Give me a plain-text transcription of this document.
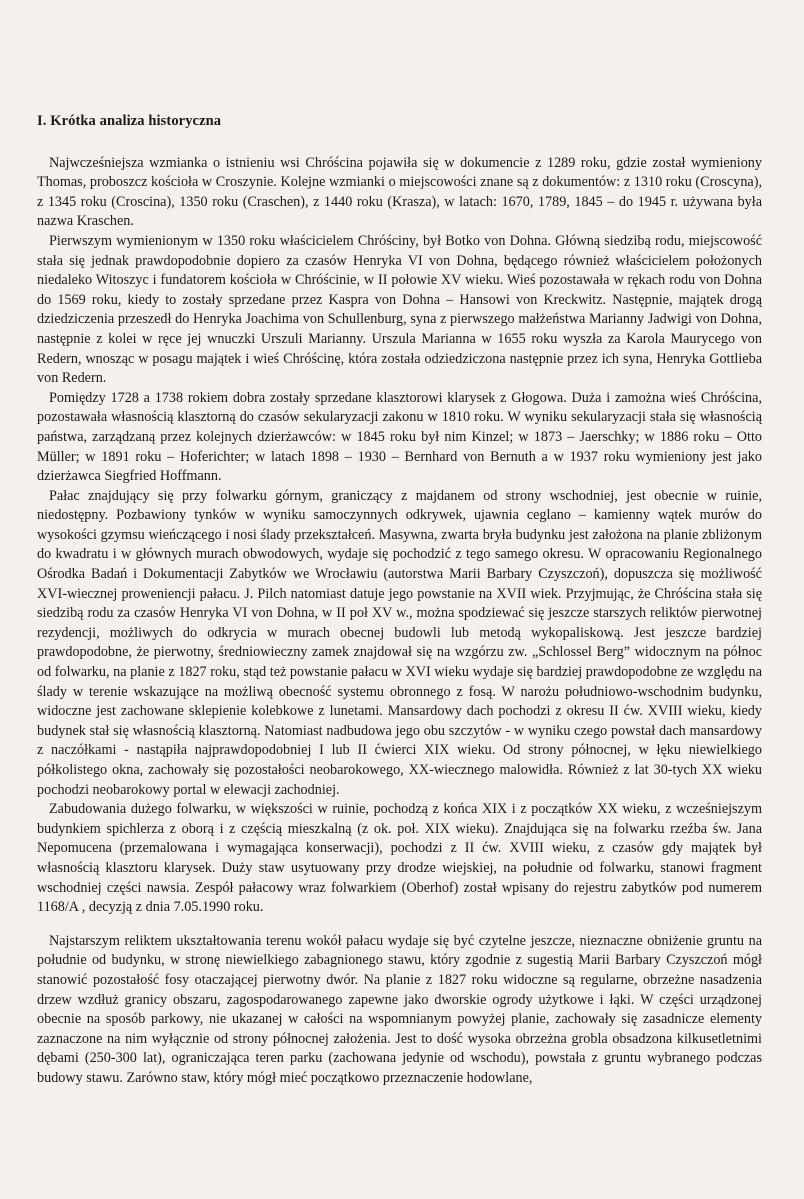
I. Krótka analiza historyczna

Najwcześniejsza wzmianka o istnieniu wsi Chróścina pojawiła się w dokumencie z 1289 roku, gdzie został wymieniony Thomas, proboszcz kościoła w Croszynie. Kolejne wzmianki o miejscowości znane są z dokumentów: z 1310 roku (Croscyna), z 1345 roku (Croscina), 1350 roku (Craschen), z 1440 roku (Krasza), w latach: 1670, 1789, 1845 – do 1945 r. używana była nazwa Kraschen.

Pierwszym wymienionym w 1350 roku właścicielem Chróściny, był Botko von Dohna. Główną siedzibą rodu, miejscowość stała się jednak prawdopodobnie dopiero za czasów Henryka VI von Dohna, będącego również właścicielem położonych niedaleko Witoszyc i fundatorem kościoła w Chróścinie, w II połowie XV wieku. Wieś pozostawała w rękach rodu von Dohna do 1569 roku, kiedy to zostały sprzedane przez Kaspra von Dohna – Hansowi von Kreckwitz. Następnie, majątek drogą dziedziczenia przeszedł do Henryka Joachima von Schullenburg, syna z pierwszego małżeństwa Marianny Jadwigi von Dohna, następnie z kolei w ręce jej wnuczki Urszuli Marianny. Urszula Marianna w 1655 roku wyszła za Karola Maurycego von Redern, wnosząc w posagu majątek i wieś Chróścinę, która została odziedziczona następnie przez ich syna, Henryka Gottlieba von Redern.

Pomiędzy 1728 a 1738 rokiem dobra zostały sprzedane klasztorowi klarysek z Głogowa. Duża i zamożna wieś Chróścina, pozostawała własnością klasztorną do czasów sekularyzacji zakonu w 1810 roku. W wyniku sekularyzacji stała się własnością państwa, zarządzaną przez kolejnych dzierżawców: w 1845 roku był nim Kinzel; w 1873 – Jaerschky; w 1886 roku – Otto Müller; w 1891 roku – Hoferichter; w latach 1898 – 1930 – Bernhard von Bernuth a w 1937 roku wymieniony jest jako dzierżawca Siegfried Hoffmann.

Pałac znajdujący się przy folwarku górnym, graniczący z majdanem od strony wschodniej, jest obecnie w ruinie, niedostępny. Pozbawiony tynków w wyniku samoczynnych odkrywek, ujawnia ceglano – kamienny wątek murów do wysokości gzymsu wieńczącego i nosi ślady przekształceń. Masywna, zwarta bryła budynku jest założona na planie zbliżonym do kwadratu i w głównych murach obwodowych, wydaje się pochodzić z tego samego okresu. W opracowaniu Regionalnego Ośrodka Badań i Dokumentacji Zabytków we Wrocławiu (autorstwa Marii Barbary Czyszczoń), dopuszcza się możliwość XVI-wiecznej proweniencji pałacu. J. Pilch natomiast datuje jego powstanie na XVII wiek. Przyjmując, że Chróścina stała się siedzibą rodu za czasów Henryka VI von Dohna, w II poł XV w., można spodziewać się jeszcze starszych reliktów pierwotnej rezydencji, możliwych do odkrycia w murach obecnej budowli lub metodą wykopaliskową. Jest jeszcze bardziej prawdopodobne, że pierwotny, średniowieczny zamek znajdował się na wzgórzu zw. „Schlossel Berg” widocznym na północ od folwarku, na planie z 1827 roku, stąd też powstanie pałacu w XVI wieku wydaje się bardziej prawdopodobne ze względu na ślady w terenie wskazujące na możliwą obecność systemu obronnego z fosą. W narożu południowo-wschodnim budynku, widoczne jest zachowane sklepienie kolebkowe z lunetami. Mansardowy dach pochodzi z okresu II ćw. XVIII wieku, kiedy budynek stał się własnością klasztorną. Natomiast nadbudowa jego obu szczytów - w wyniku czego powstał dach mansardowy z naczółkami - nastąpiła najprawdopodobniej I lub II ćwierci XIX wieku. Od strony północnej, w łęku niewielkiego półkolistego okna, zachowały się pozostałości neobarokowego, XX-wiecznego malowidła. Również z lat 30-tych XX wieku pochodzi neobarokowy portal w elewacji zachodniej.

Zabudowania dużego folwarku, w większości w ruinie, pochodzą z końca XIX i z początków XX wieku, z wcześniejszym budynkiem spichlerza z oborą i z częścią mieszkalną (z ok. poł. XIX wieku). Znajdująca się na folwarku rzeźba św. Jana Nepomucena (przemalowana i wymagająca konserwacji), pochodzi z II ćw. XVIII wieku, z czasów gdy majątek był własnością klasztoru klarysek. Duży staw usytuowany przy drodze wiejskiej, na południe od folwarku, stanowi fragment wschodniej części nawsia. Zespół pałacowy wraz folwarkiem (Oberhof) został wpisany do rejestru zabytków pod numerem 1168/A , decyzją z dnia 7.05.1990 roku.

Najstarszym reliktem ukształtowania terenu wokół pałacu wydaje się być czytelne jeszcze, nieznaczne obniżenie gruntu na południe od budynku, w stronę niewielkiego zabagnionego stawu, który zgodnie z sugestią Marii Barbary Czyszczoń mógł stanowić pozostałość fosy otaczającej pierwotny dwór. Na planie z 1827 roku widoczne są regularne, obrzeżne nasadzenia drzew wzdłuż granicy obszaru, zagospodarowanego zapewne jako dworskie ogrody użytkowe i łąki. W części urządzonej obecnie na sposób parkowy, nie ukazanej w całości na wspomnianym powyżej planie, zachowały się zasadnicze elementy zaznaczone na nim wyłącznie od strony północnej założenia. Jest to dość wysoka obrzeżna grobla obsadzona kilkusetletnimi dębami (250-300 lat), ograniczająca teren parku (zachowana jedynie od wschodu), powstała z gruntu wybranego podczas budowy stawu. Zarówno staw, który mógł mieć początkowo przeznaczenie hodowlane,
